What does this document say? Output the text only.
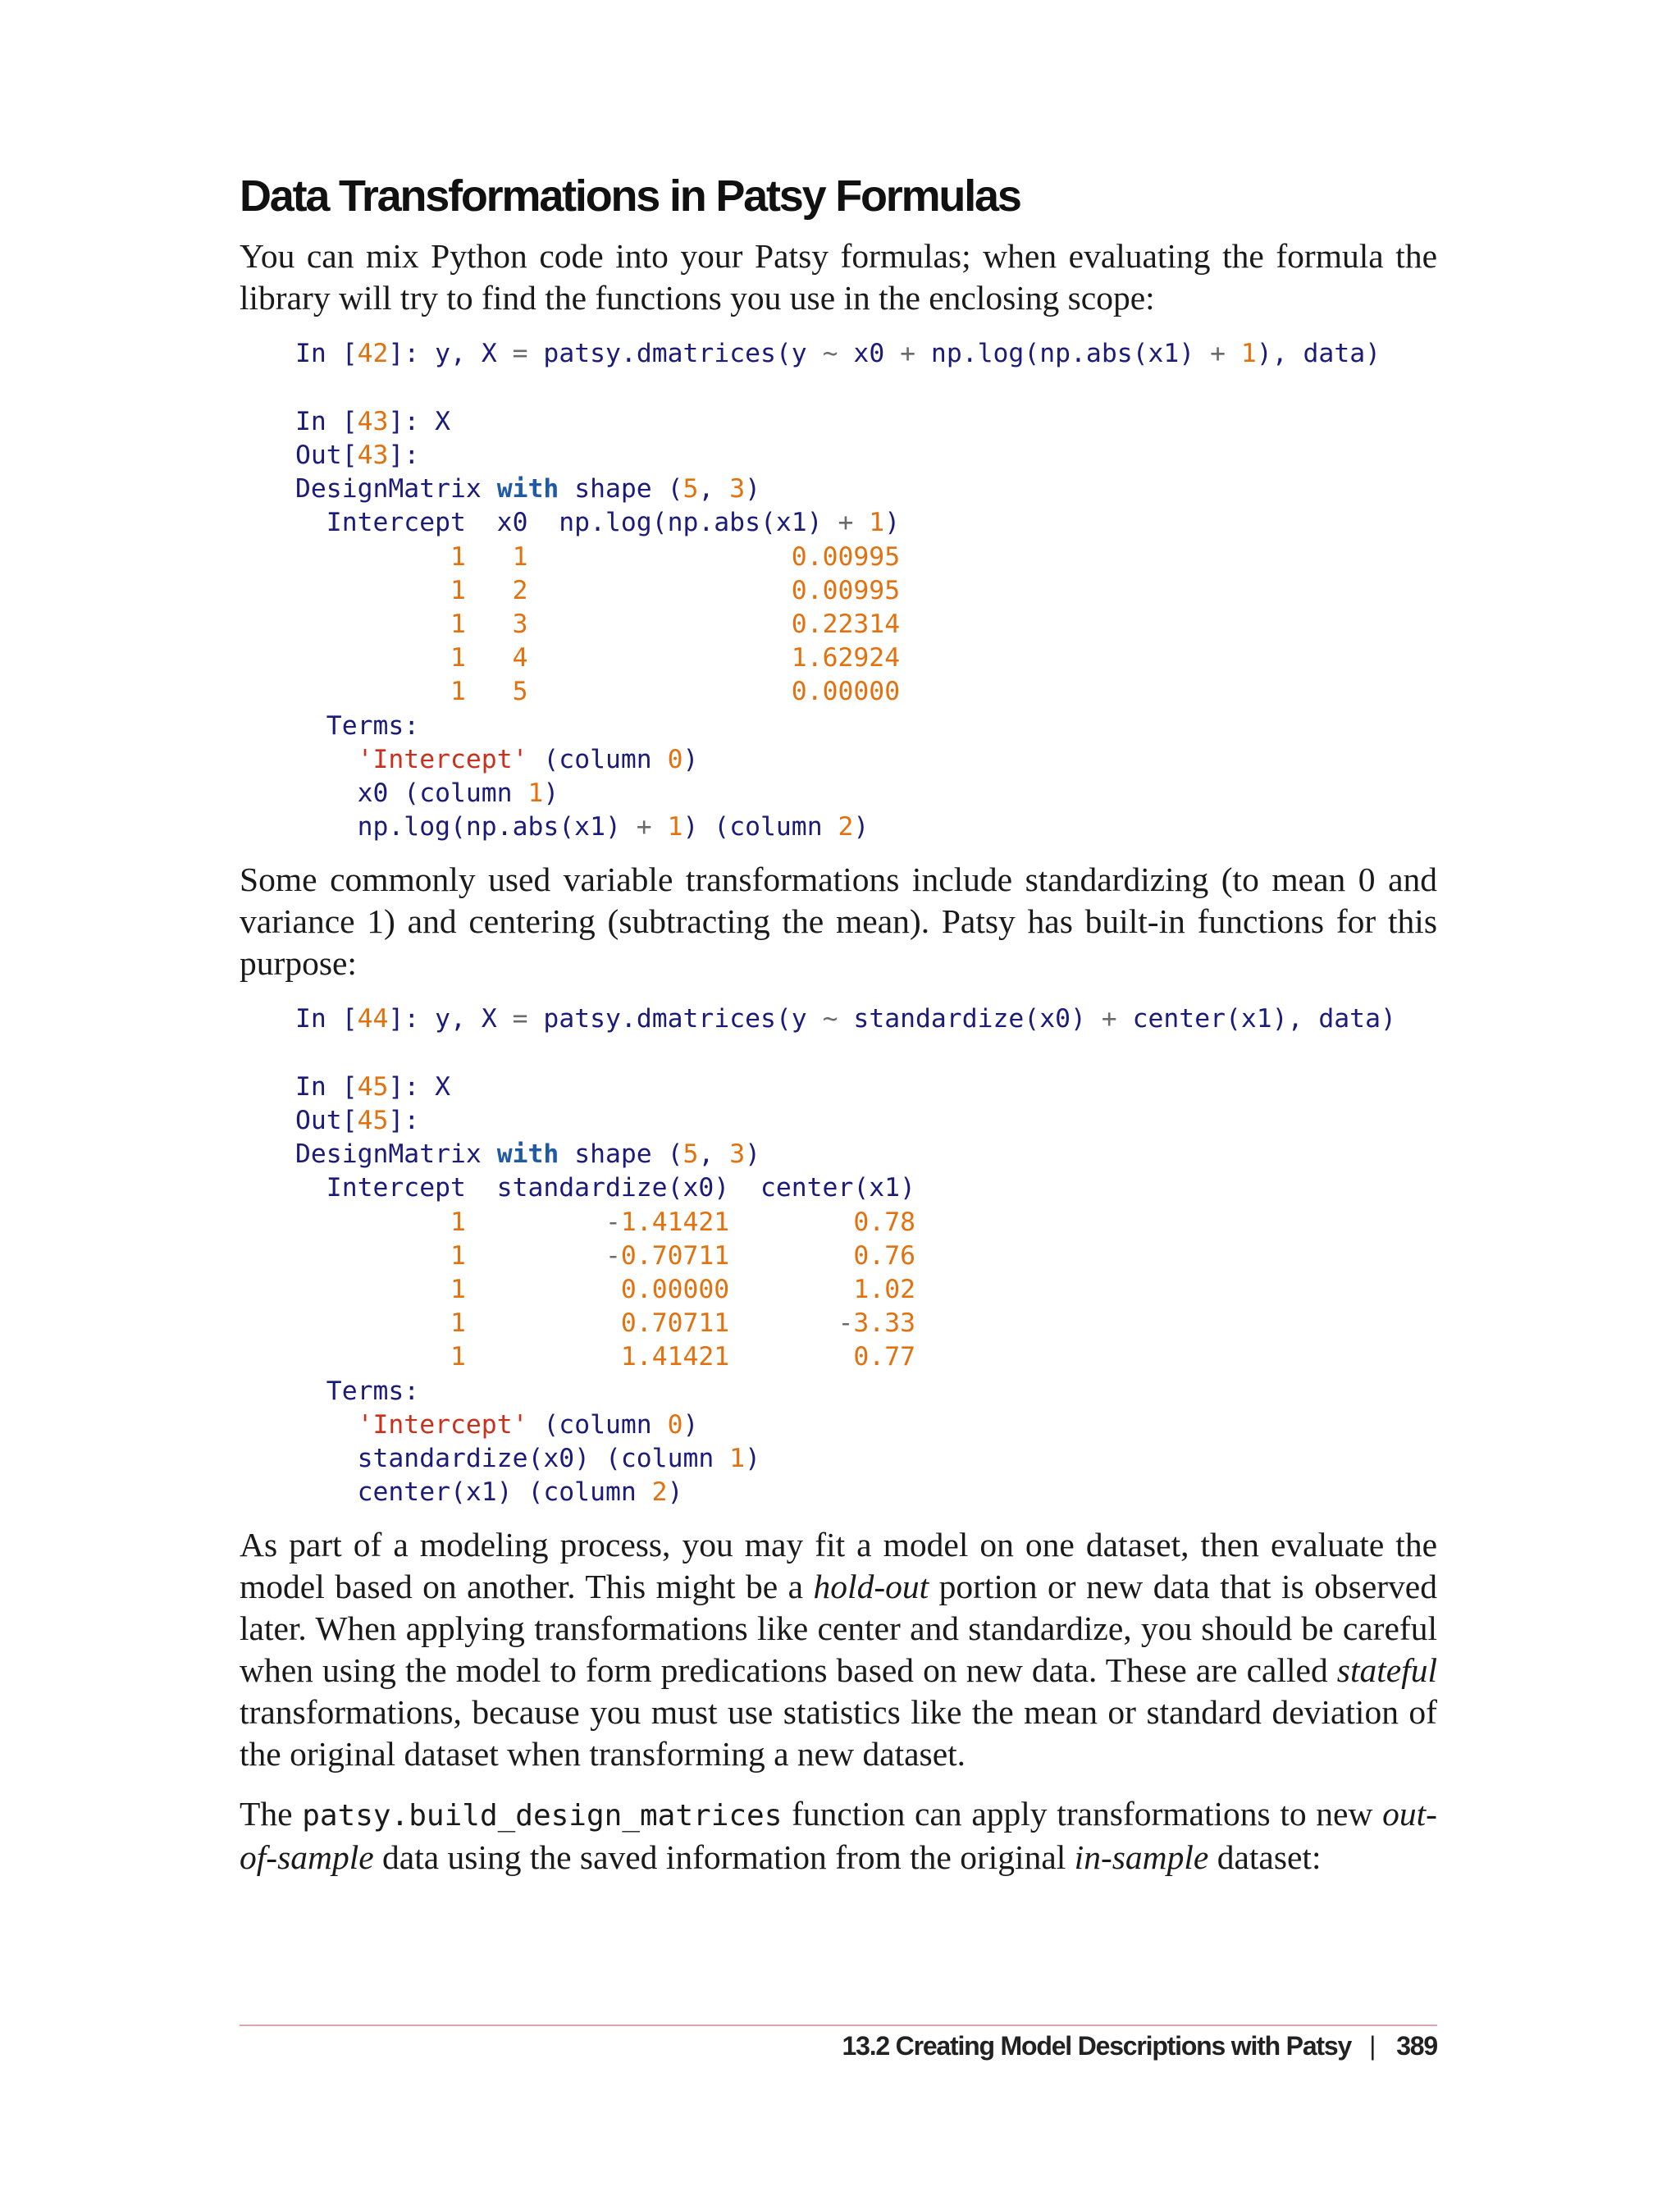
Data Transformations in Patsy Formulas

You can mix Python code into your Patsy formulas; when evaluating the formula the library will try to find the functions you use in the enclosing scope:

In [42]: y, X = patsy.dmatrices(y ~ x0 + np.log(np.abs(x1) + 1), data)

In [43]: X
Out[43]:
DesignMatrix with shape (5, 3)
Intercept  x0  np.log(np.abs(x1) + 1)
1 1	0.00995
1 2	0.00995
1 3	0.22314
1 4	1.62924
1 5	0.00000
Terms:
'Intercept' (column 0)
x0 (column 1)
np.log(np.abs(x1) + 1) (column 2)

Some commonly used variable transformations include standardizing (to mean 0 and variance 1) and centering (subtracting the mean). Patsy has built-in functions for this purpose:

In [44]: y, X = patsy.dmatrices(y ~ standardize(x0) + center(x1), data)

In [45]: X
Out[45]:
DesignMatrix with shape (5, 3)
Intercept  standardize(x0)  center(x1)
1	-1.41421	0.78
1	-0.70711	0.76
1	0.00000	1.02
1	0.70711	-3.33
1	1.41421	0.77
Terms:
'Intercept' (column 0)
standardize(x0) (column 1)
center(x1) (column 2)

As part of a modeling process, you may fit a model on one dataset, then evaluate the model based on another. This might be a hold-out portion or new data that is observed later. When applying transformations like center and standardize, you should be careful when using the model to form predications based on new data. These are called stateful transformations, because you must use statistics like the mean or standard deviation of the original dataset when transforming a new dataset.

The patsy.build_design_matrices function can apply transformations to new out-of-sample data using the saved information from the original in-sample dataset:

13.2 Creating Model Descriptions with Patsy | 389
